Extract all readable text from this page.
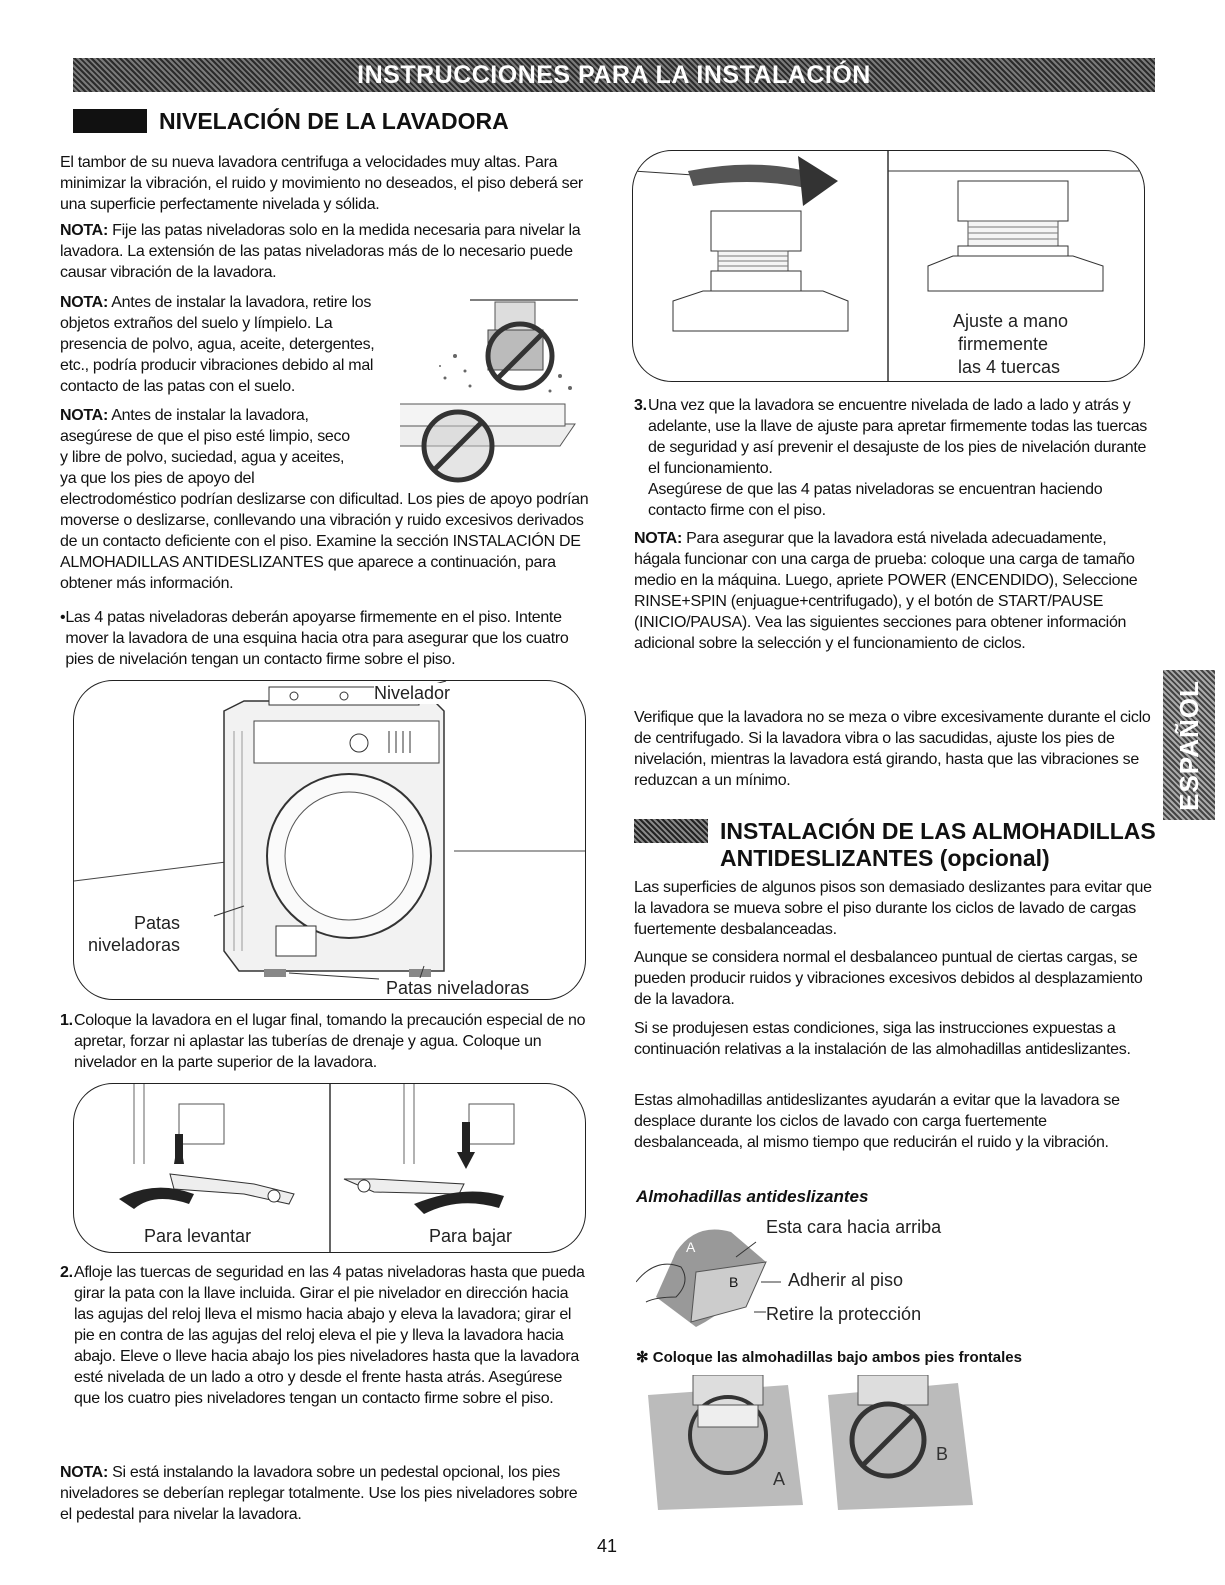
INSTRUCCIONES PARA LA INSTALACIÓN
ESPAÑOL
NIVELACIÓN DE LA LAVADORA
El tambor de su nueva lavadora centrifuga a velocidades muy altas. Para minimizar la vibración, el ruido y movimiento no deseados, el piso deberá ser una superficie perfectamente nivelada y sólida.
NOTA: Fije las patas niveladoras solo en la medida necesaria para nivelar la lavadora. La extensión de las patas niveladoras más de lo necesario puede causar vibración de la lavadora.
NOTA: Antes de instalar la lavadora, retire los
objetos extraños del suelo y límpielo. La
presencia de polvo, agua, aceite, detergentes,
etc., podría producir vibraciones debido al mal
contacto de las patas con el suelo.
NOTA: Antes de instalar la lavadora,
asegúrese de que el piso esté limpio, seco
y libre de polvo, suciedad, agua y aceites,
ya que los pies de apoyo del
electrodoméstico podrían deslizarse con dificultad. Los pies de apoyo podrían moverse o deslizarse, conllevando una vibración y ruido excesivos derivados de un contacto deficiente con el piso. Examine la sección INSTALACIÓN DE ALMOHADILLAS ANTIDESLIZANTES que aparece a continuación, para obtener más información.
• Las 4 patas niveladoras deberán apoyarse firmemente en el piso. Intente mover la lavadora de una esquina hacia otra para asegurar que los cuatro pies de nivelación tengan un contacto firme sobre el piso.
Nivelador
Patas
niveladoras
Patas niveladoras
1. Coloque la lavadora en el lugar final, tomando la precaución especial de no apretar, forzar ni aplastar las tuberías de drenaje y agua. Coloque un nivelador en la parte superior de la lavadora.
Para levantar	Para bajar
2. Afloje las tuercas de seguridad en las 4 patas niveladoras hasta que pueda girar la pata con la llave incluida. Girar el pie nivelador en dirección hacia las agujas del reloj lleva el mismo hacia abajo y eleva la lavadora; girar el pie en contra de las agujas del reloj eleva el pie y lleva la lavadora hacia abajo. Eleve o lleve hacia abajo los pies niveladores hasta que la lavadora esté nivelada de un lado a otro y desde el frente hasta atrás. Asegúrese que los cuatro pies niveladores tengan un contacto firme sobre el piso.
NOTA: Si está instalando la lavadora sobre un pedestal opcional, los pies niveladores se deberían replegar totalmente. Use los pies niveladores sobre el pedestal para nivelar la lavadora.
41
Ajuste a mano
firmemente
las 4 tuercas
3. Una vez que la lavadora se encuentre nivelada de lado a lado y atrás y adelante, use la llave de ajuste para apretar firmemente todas las tuercas de seguridad y así prevenir el desajuste de los pies de nivelación durante el funcionamiento.
Asegúrese de que las 4 patas niveladoras se encuentran haciendo contacto firme con el piso.
NOTA: Para asegurar que la lavadora está nivelada adecuadamente, hágala funcionar con una carga de prueba: coloque una carga de tamaño medio en la máquina. Luego, apriete POWER (ENCENDIDO), Seleccione RINSE+SPIN (enjuague+centrifugado), y el botón de START/PAUSE (INICIO/PAUSA). Vea las siguientes secciones para obtener información adicional sobre la selección y el funcionamiento de ciclos.
Verifique que la lavadora no se meza o vibre excesivamente durante el ciclo de centrifugado. Si la lavadora vibra o las sacudidas, ajuste los pies de nivelación, mientras la lavadora está girando, hasta que las vibraciones se reduzcan a un mínimo.
INSTALACIÓN DE LAS ALMOHADILLAS
ANTIDESLIZANTES (opcional)
Las superficies de algunos pisos son demasiado deslizantes para evitar que la lavadora se mueva sobre el piso durante los ciclos de lavado de cargas fuertemente desbalanceadas.
Aunque se considera normal el desbalanceo puntual de ciertas cargas, se pueden producir ruidos y vibraciones excesivos debidos al desplazamiento de la lavadora.
Si se produjesen estas condiciones, siga las instrucciones expuestas a continuación relativas a la instalación de las almohadillas antideslizantes.
Estas almohadillas antideslizantes ayudarán a evitar que la lavadora se desplace durante los ciclos de lavado con carga fuertemente desbalanceada, al mismo tiempo que reducirán el ruido y la vibración.
Almohadillas antideslizantes
A
B
Esta cara hacia arriba
Adherir al piso
Retire la protección
✻ Coloque las almohadillas bajo ambos pies frontales
A
B
